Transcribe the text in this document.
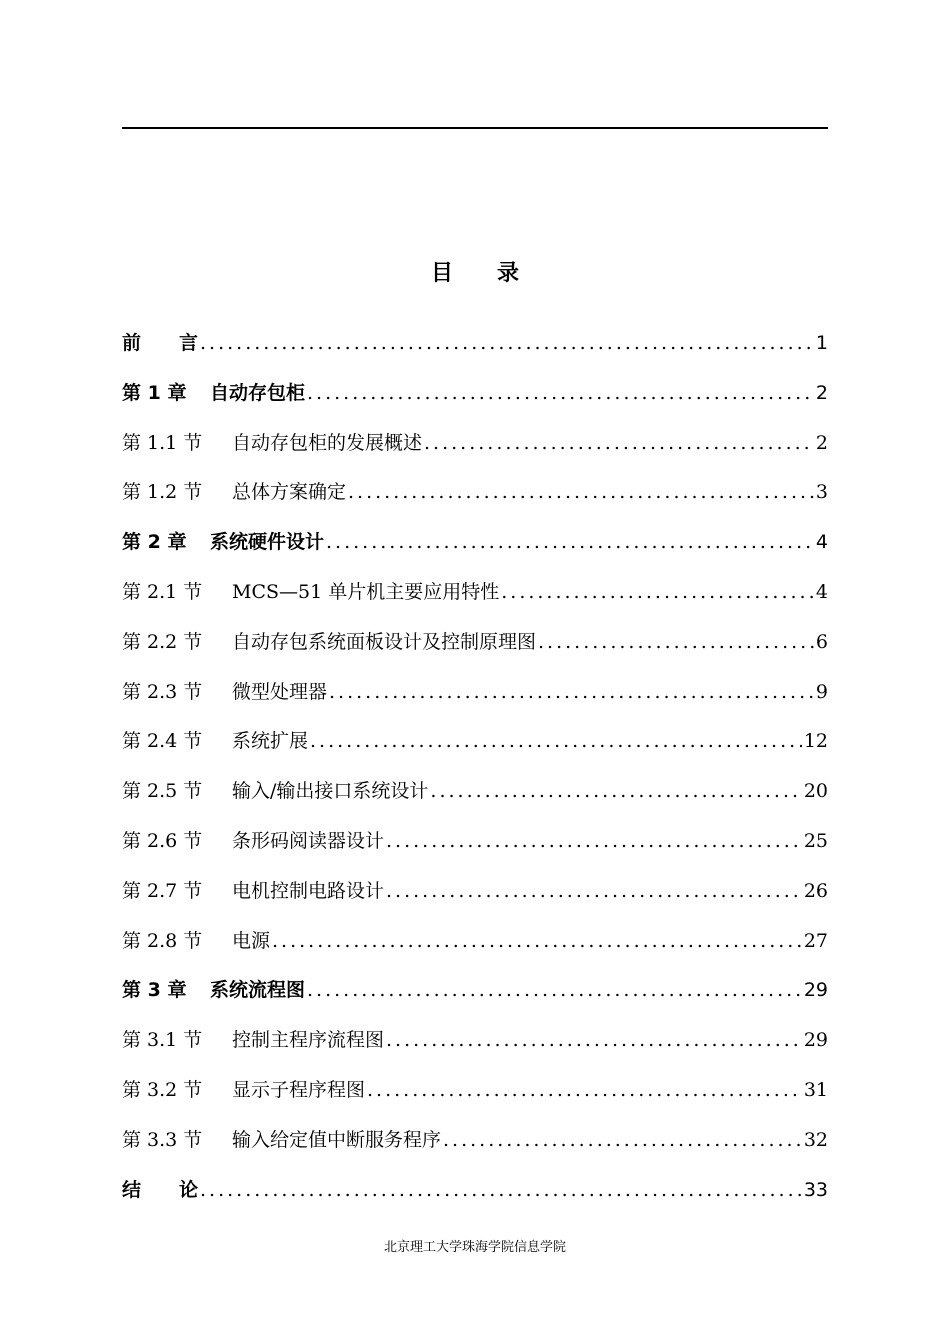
目 录
前　　言 .....	1
第 1 章	自动存包柜 .....	2
第 1.1 节	自动存包柜的发展概述 .....	2
第 1.2 节	总体方案确定 .....	3
第 2 章	系统硬件设计 .....	4
第 2.1 节	MCS—51 单片机主要应用特性 .....	4
第 2.2 节	自动存包系统面板设计及控制原理图 .....	6
第 2.3 节	微型处理器 .....	9
第 2.4 节	系统扩展 .....	12
第 2.5 节	输入/输出接口系统设计 .....	20
第 2.6 节	条形码阅读器设计 .....	25
第 2.7 节	电机控制电路设计 .....	26
第 2.8 节	电源 .....	27
第 3 章	系统流程图 .....	29
第 3.1 节	控制主程序流程图 .....	29
第 3.2 节	显示子程序程图 .....	31
第 3.3 节	输入给定值中断服务程序 .....	32
结　　论 .....	33
北京理工大学珠海学院信息学院
